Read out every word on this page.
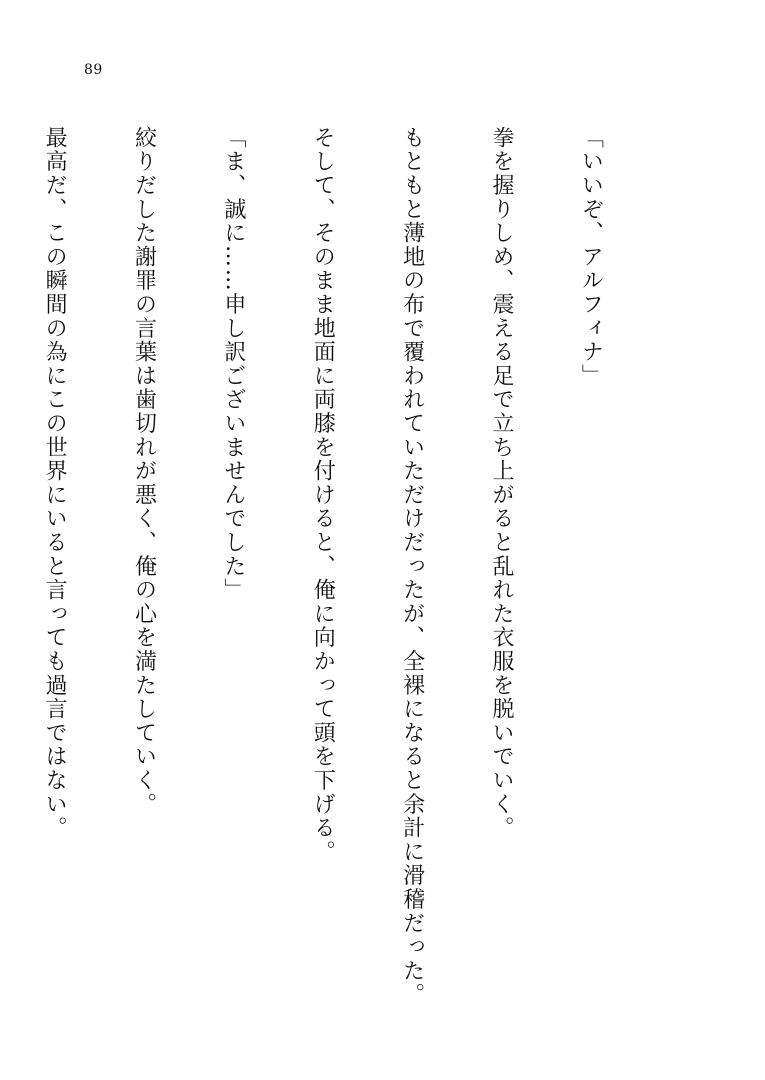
89

「いいぞ、アルフィナ」

拳を握りしめ、震える足で立ち上がると乱れた衣服を脱いでいく。

もともと薄地の布で覆われていただけだったが、全裸になると余計に滑稽だった。

そして、そのまま地面に両膝を付けると、俺に向かって頭を下げる。

「ま、誠に……申し訳ございませんでした」

絞りだした謝罪の言葉は歯切れが悪く、俺の心を満たしていく。

最高だ、この瞬間の為にこの世界にいると言っても過言ではない。
